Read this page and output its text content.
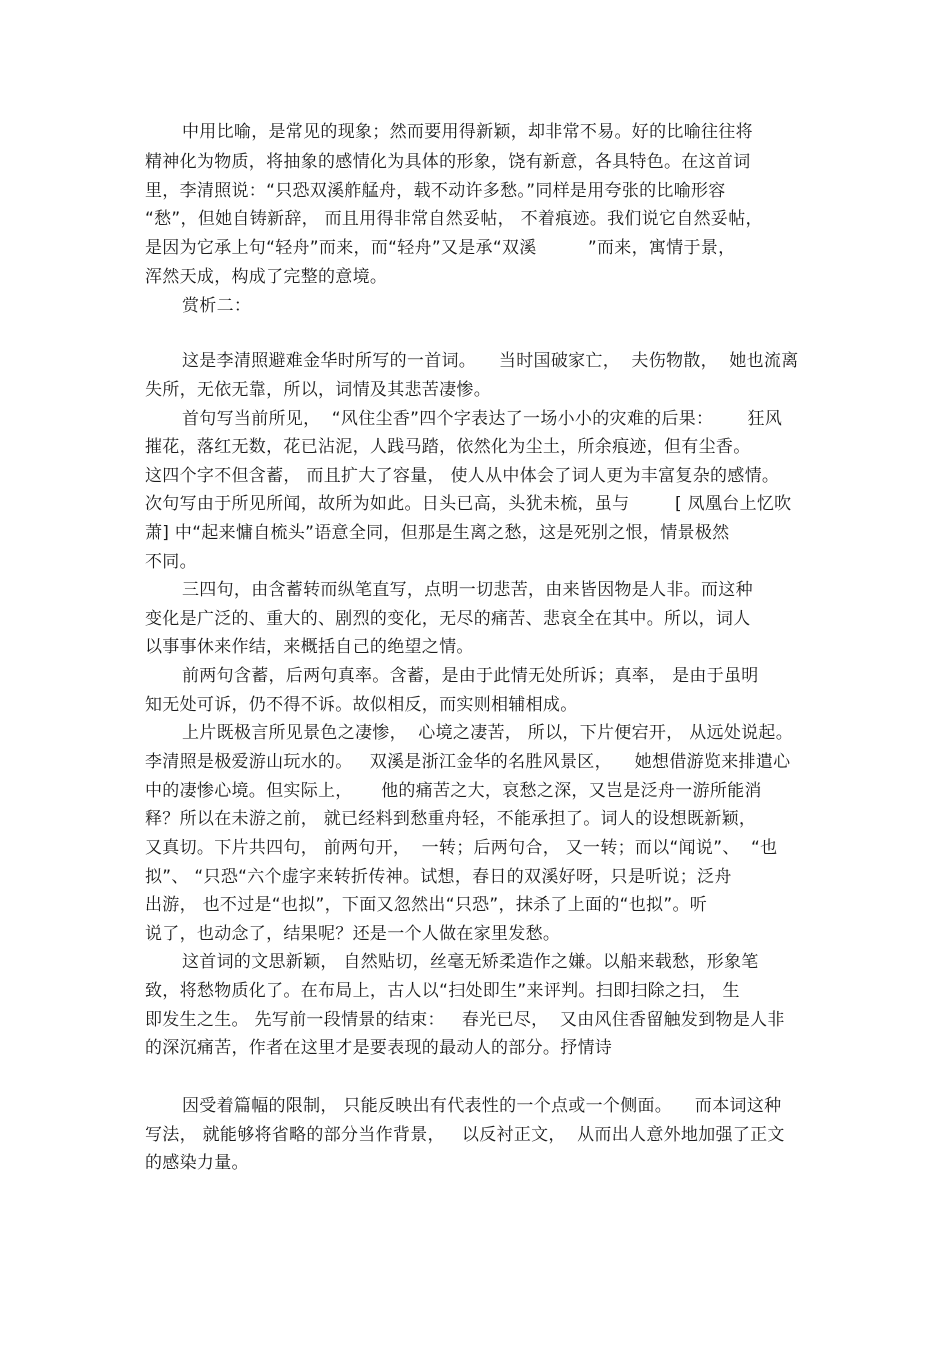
中用比喻，是常见的现象；然而要用得新颖，却非常不易。好的比喻往往将

精神化为物质，将抽象的感情化为具体的形象，饶有新意，各具特色。在这首词

里，李清照说：“只恐双溪舴艋舟，载不动许多愁。”同样是用夸张的比喻形容

“愁”，但她自铸新辞， 而且用得非常自然妥帖， 不着痕迹。我们说它自然妥帖，

是因为它承上句“轻舟”而来，而“轻舟”又是承“双溪         ”而来，寓情于景，

浑然天成，构成了完整的意境。

赏析二：

这是李清照避难金华时所写的一首词。    当时国破家亡，  夫伤物散，  她也流离

失所，无依无靠，所以，词情及其悲苦凄惨。

首句写当前所见，  “风住尘香”四个字表达了一场小小的灾难的后果：      狂风

摧花，落红无数，花已沾泥，人践马踏，依然化为尘土，所余痕迹，但有尘香。

这四个字不但含蓄， 而且扩大了容量， 使人从中体会了词人更为丰富复杂的感情。

次句写由于所见所闻，故所为如此。日头已高，头犹未梳，虽与        [ 凤凰台上忆吹

萧] 中“起来慵自梳头”语意全同，但那是生离之愁，这是死别之恨，情景极然

不同。

三四句，由含蓄转而纵笔直写，点明一切悲苦，由来皆因物是人非。而这种

变化是广泛的、重大的、剧烈的变化，无尽的痛苦、悲哀全在其中。所以，词人

以事事休来作结，来概括自己的绝望之情。

前两句含蓄，后两句真率。含蓄，是由于此情无处所诉；真率， 是由于虽明

知无处可诉，仍不得不诉。故似相反，而实则相辅相成。

上片既极言所见景色之凄惨，  心境之凄苦， 所以，下片便宕开， 从远处说起。

李清照是极爱游山玩水的。   双溪是浙江金华的名胜风景区，    她想借游览来排遣心

中的凄惨心境。但实际上，     他的痛苦之大，哀愁之深，又岂是泛舟一游所能消

释？所以在未游之前， 就已经料到愁重舟轻，不能承担了。词人的设想既新颖，

又真切。下片共四句， 前两句开，  一转；后两句合， 又一转；而以“闻说”、  “也

拟”、 “只恐“六个虚字来转折传神。试想，春日的双溪好呀，只是听说；泛舟

出游， 也不过是“也拟”，下面又忽然出“只恐”，抹杀了上面的“也拟”。听

说了，也动念了，结果呢？还是一个人做在家里发愁。

这首词的文思新颖， 自然贴切，丝毫无矫柔造作之嫌。以船来载愁，形象笔

致，将愁物质化了。在布局上，古人以“扫处即生”来评判。扫即扫除之扫， 生

即发生之生。 先写前一段情景的结束：   春光已尽，  又由风住香留触发到物是人非

的深沉痛苦，作者在这里才是要表现的最动人的部分。抒情诗

因受着篇幅的限制， 只能反映出有代表性的一个点或一个侧面。    而本词这种

写法， 就能够将省略的部分当作背景，   以反衬正文，  从而出人意外地加强了正文

的感染力量。
